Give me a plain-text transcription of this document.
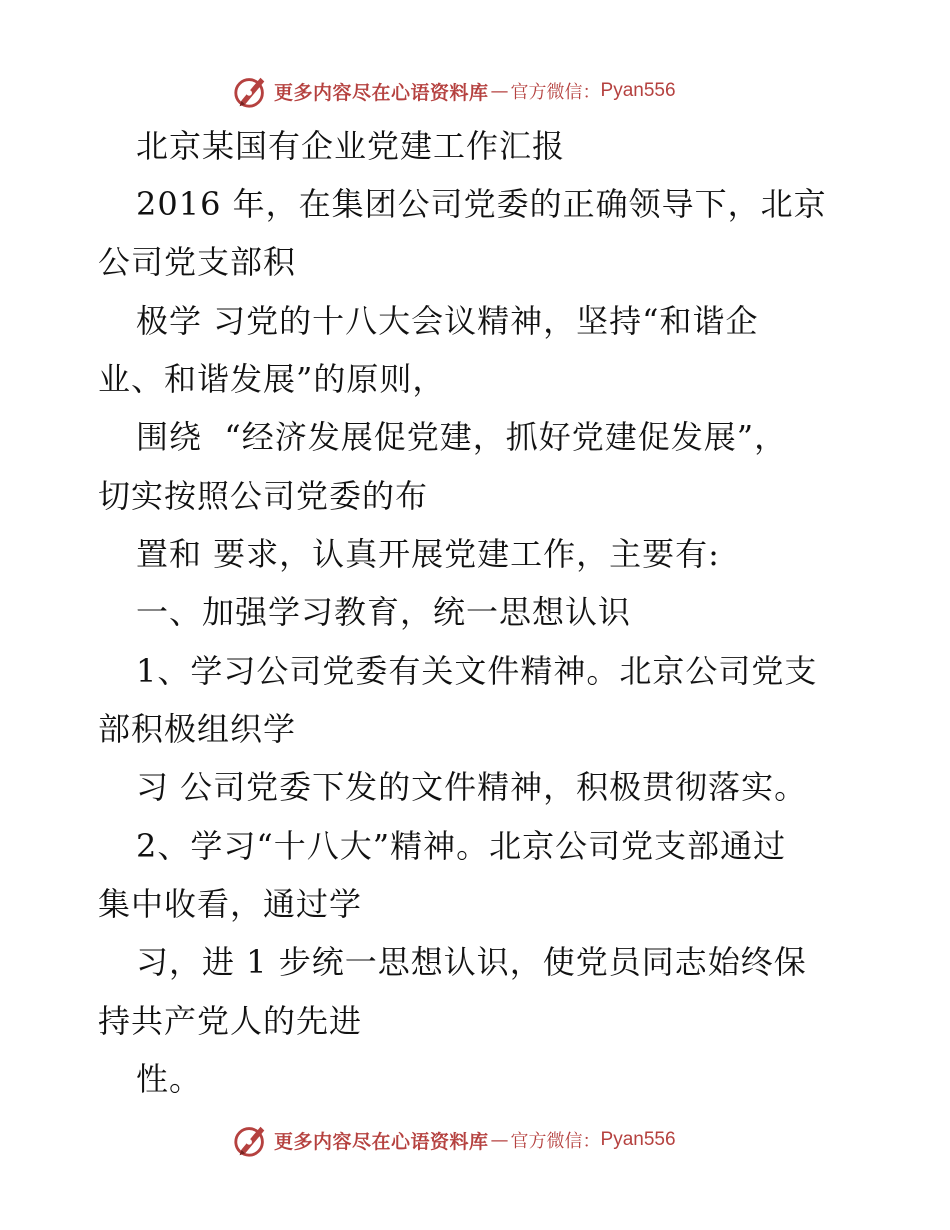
更多内容尽在心语资料库 — 官方微信： Pyan556
北京某国有企业党建工作汇报
2016 年，在集团公司党委的正确领导下，北京
公司党支部积
极学 习党的十八大会议精神，坚持“和谐企
业、和谐发展”的原则，
围绕  “经济发展促党建，抓好党建促发展”，
切实按照公司党委的布
置和 要求，认真开展党建工作，主要有:
一、加强学习教育，统一思想认识
1、学习公司党委有关文件精神。北京公司党支
部积极组织学
习 公司党委下发的文件精神，积极贯彻落实。
2、学习“十八大”精神。北京公司党支部通过
集中收看，通过学
习，进 1 步统一思想认识，使党员同志始终保
持共产党人的先进
性。
更多内容尽在心语资料库 — 官方微信： Pyan556
